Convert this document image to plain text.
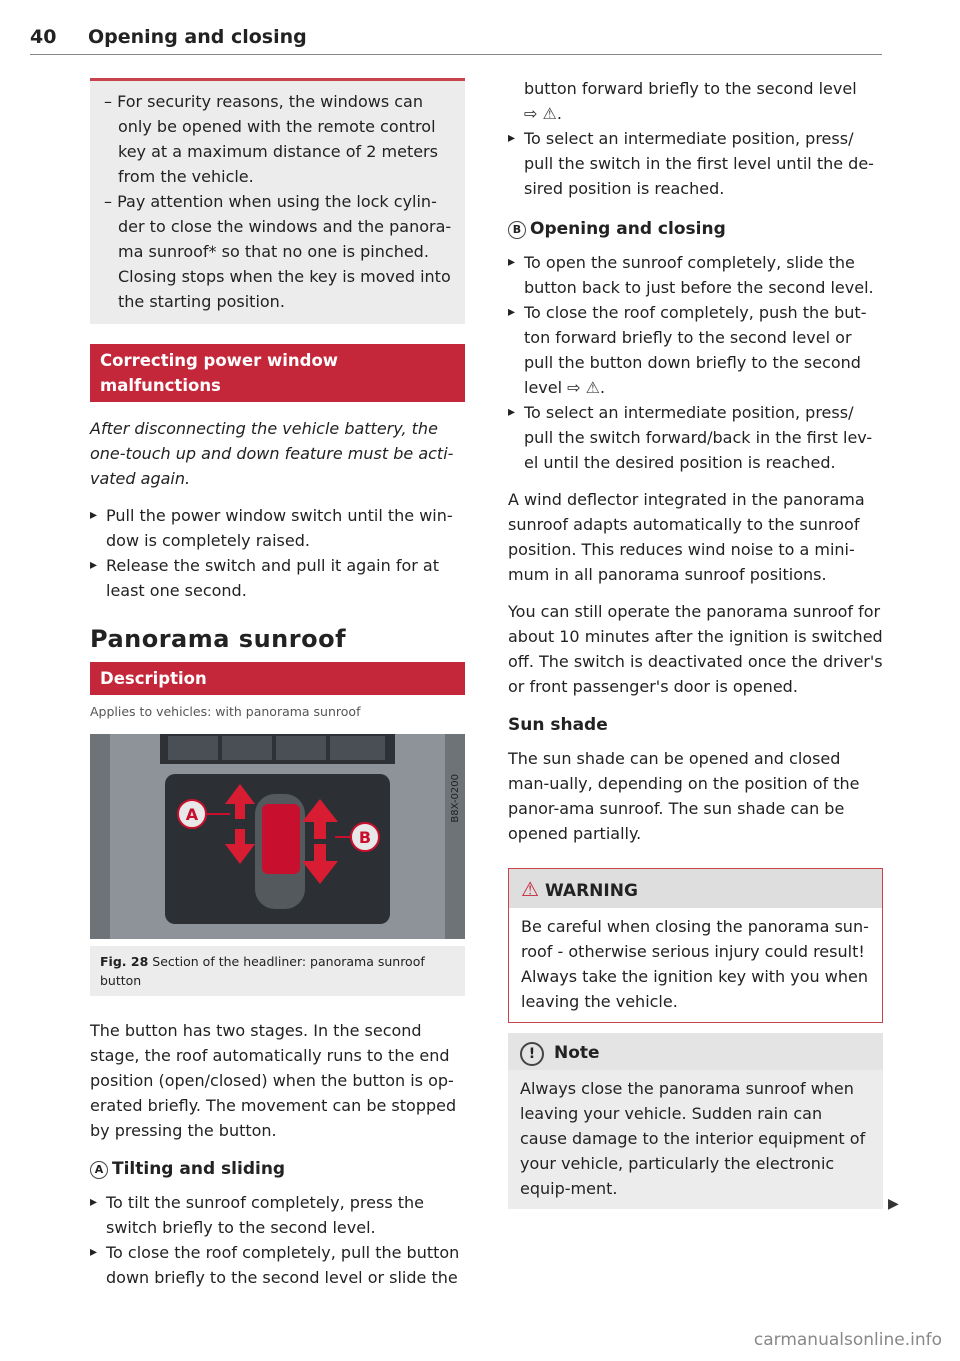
40 Opening and closing

– For security reasons, the windows can only be opened with the remote control key at a maximum distance of 2 meters from the vehicle.

– Pay attention when using the lock cylin-der to close the windows and the panora-ma sunroof* so that no one is pinched. Closing stops when the key is moved into the starting position.

Correcting power window malfunctions

After disconnecting the vehicle battery, the one-touch up and down feature must be acti-vated again.

▸ Pull the power window switch until the win-dow is completely raised.

▸ Release the switch and pull it again for at least one second.

Panorama sunroof
Description
Applies to vehicles: with panorama sunroof
A
B
B8X-0200
Fig. 28 Section of the headliner: panorama sunroof button

The button has two stages. In the second stage, the roof automatically runs to the end position (open/closed) when the button is op-erated briefly. The movement can be stopped by pressing the button.

A Tilting and sliding

▸ To tilt the sunroof completely, press the switch briefly to the second level.

▸ To close the roof completely, pull the button down briefly to the second level or slide the

button forward briefly to the second level
⇨ ⚠.

▸ To select an intermediate position, press/ pull the switch in the first level until the de-sired position is reached.

B Opening and closing

▸ To open the sunroof completely, slide the button back to just before the second level.

▸ To close the roof completely, push the but-ton forward briefly to the second level or pull the button down briefly to the second level ⇨ ⚠.

▸ To select an intermediate position, press/ pull the switch forward/back in the first lev-el until the desired position is reached.

A wind deflector integrated in the panorama sunroof adapts automatically to the sunroof position. This reduces wind noise to a mini-mum in all panorama sunroof positions.

You can still operate the panorama sunroof for about 10 minutes after the ignition is switched off. The switch is deactivated once the driver's or front passenger's door is opened.

Sun shade

The sun shade can be opened and closed man-ually, depending on the position of the panor-ama sunroof. The sun shade can be opened partially.

⚠ WARNING

Be careful when closing the panorama sun-roof - otherwise serious injury could result! Always take the ignition key with you when leaving the vehicle.

! Note

Always close the panorama sunroof when leaving your vehicle. Sudden rain can cause damage to the interior equipment of your vehicle, particularly the electronic equip-ment.

▶
carmanualsonline.info
